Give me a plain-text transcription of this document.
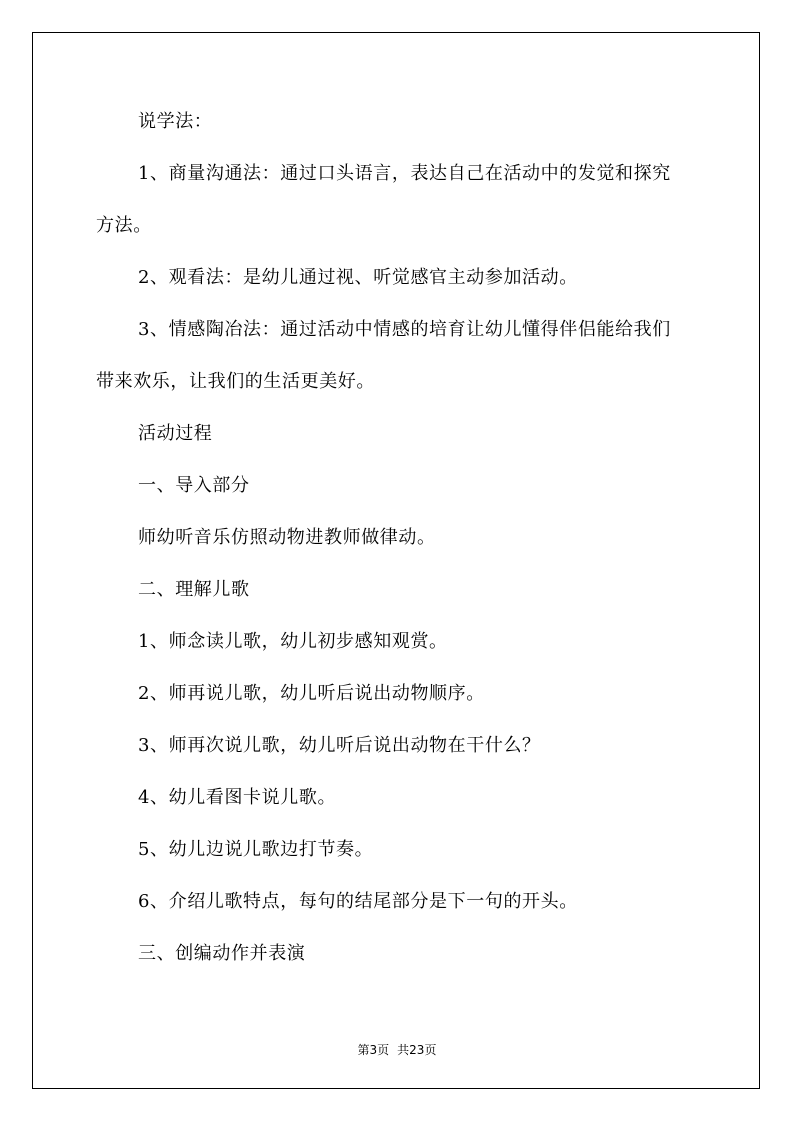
说学法：
1、商量沟通法：通过口头语言，表达自己在活动中的发觉和探究
方法。
2、观看法：是幼儿通过视、听觉感官主动参加活动。
3、情感陶冶法：通过活动中情感的培育让幼儿懂得伴侣能给我们
带来欢乐，让我们的生活更美好。
活动过程
一、导入部分
师幼听音乐仿照动物进教师做律动。
二、理解儿歌
1、师念读儿歌，幼儿初步感知观赏。
2、师再说儿歌，幼儿听后说出动物顺序。
3、师再次说儿歌，幼儿听后说出动物在干什么？
4、幼儿看图卡说儿歌。
5、幼儿边说儿歌边打节奏。
6、介绍儿歌特点，每句的结尾部分是下一句的开头。
三、创编动作并表演
第3页 共23页
